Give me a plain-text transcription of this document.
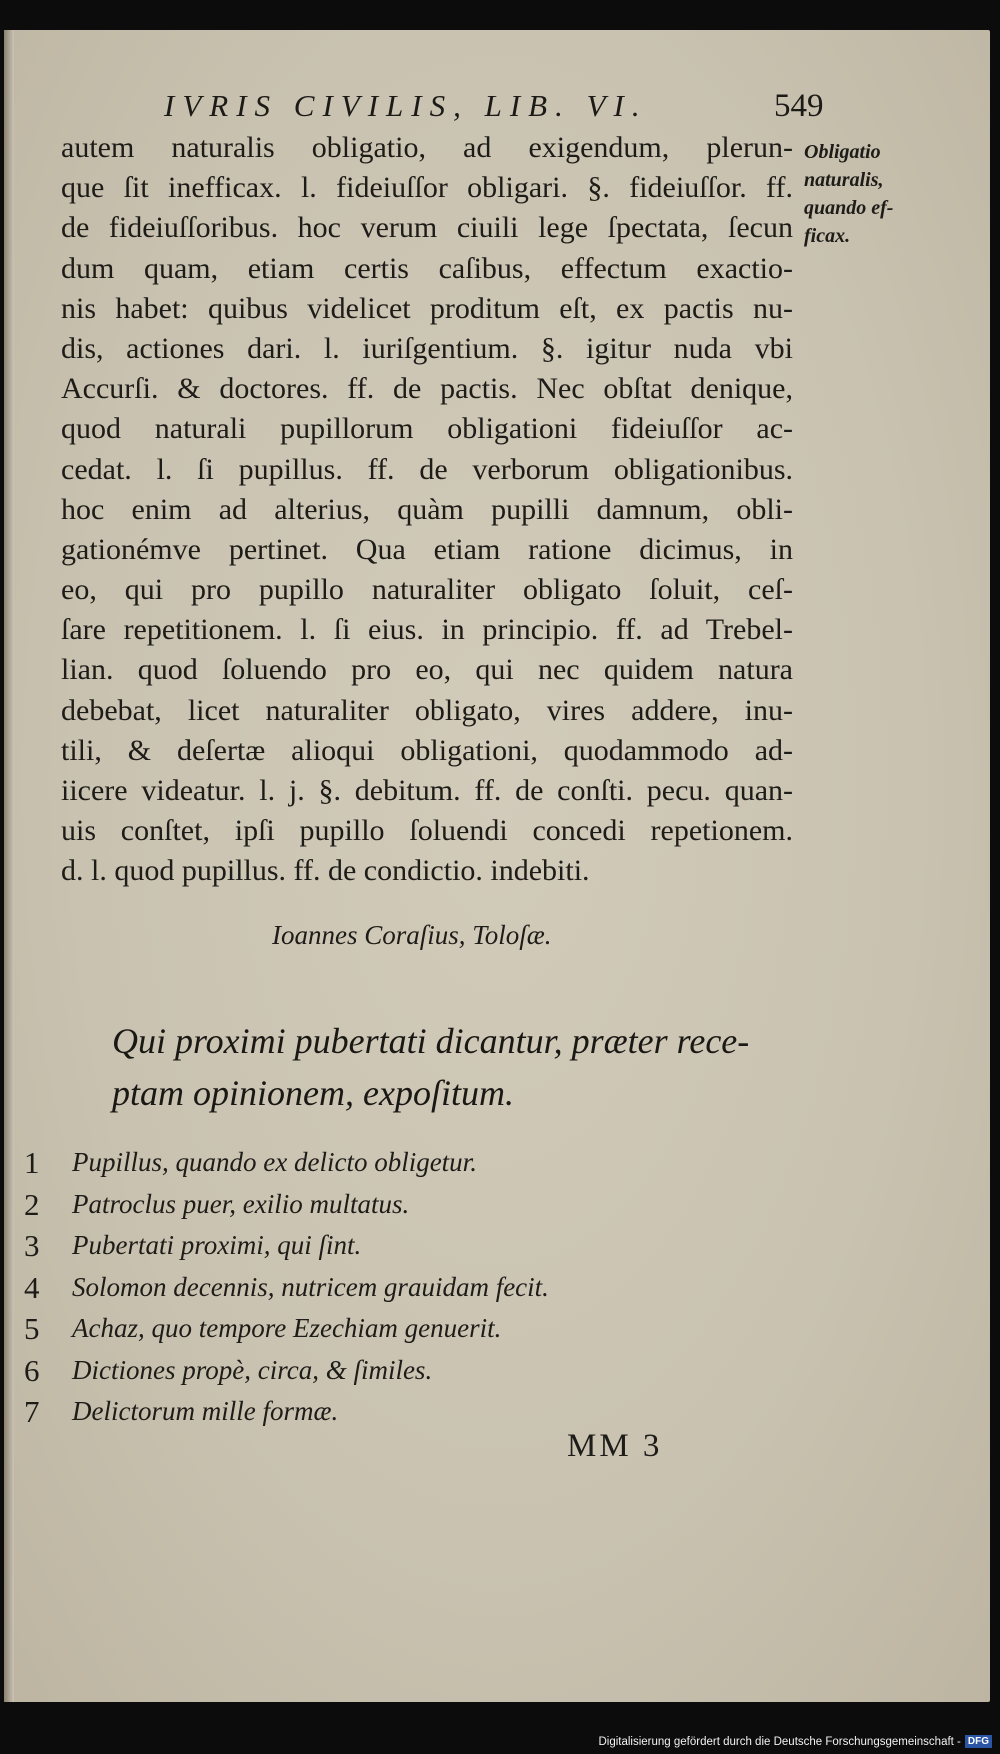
IVRIS CIVILIS, LIB. VI.	549
autem naturalis obligatio, ad exigendum, plerun-
que ſit inefficax. l. fideiuſſor obligari. §. fideiuſſor. ff.
de fideiuſſoribus. hoc verum ciuili lege ſpectata, ſecun
dum quam, etiam certis caſibus, effectum exactio-
nis habet: quibus videlicet proditum eſt, ex pactis nu-
dis, actiones dari. l. iuriſgentium. §. igitur nuda vbi
Accurſi. & doctores. ff. de pactis. Nec obſtat denique,
quod naturali pupillorum obligationi fideiuſſor ac-
cedat. l. ſi pupillus. ff. de verborum obligationibus.
hoc enim ad alterius, quàm pupilli damnum, obli-
gationémve pertinet. Qua etiam ratione dicimus, in
eo, qui pro pupillo naturaliter obligato ſoluit, ceſ-
ſare repetitionem. l. ſi eius. in principio. ff. ad Trebel-
lian. quod ſoluendo pro eo, qui nec quidem natura
debebat, licet naturaliter obligato, vires addere, inu-
tili, & deſertæ alioqui obligationi, quodammodo ad-
iicere videatur. l. j. §. debitum. ff. de conſti. pecu. quan-
uis conſtet, ipſi pupillo ſoluendi concedi repetionem.
d. l. quod pupillus. ff. de condictio. indebiti.
Obligatio
naturalis,
quando ef-
ficax.
Ioannes Coraſius, Toloſæ.
Qui proximi pubertati dicantur, præter rece-
ptam opinionem, expoſitum.
1	Pupillus, quando ex delicto obligetur.
2	Patroclus puer, exilio multatus.
3	Pubertati proximi, qui ſint.
4	Solomon decennis, nutricem grauidam fecit.
5	Achaz, quo tempore Ezechiam genuerit.
6	Dictiones propè, circa, & ſimiles.
7	Delictorum mille formæ.
MM 3
Digitalisierung gefördert durch die Deutsche Forschungsgemeinschaft - DFG
